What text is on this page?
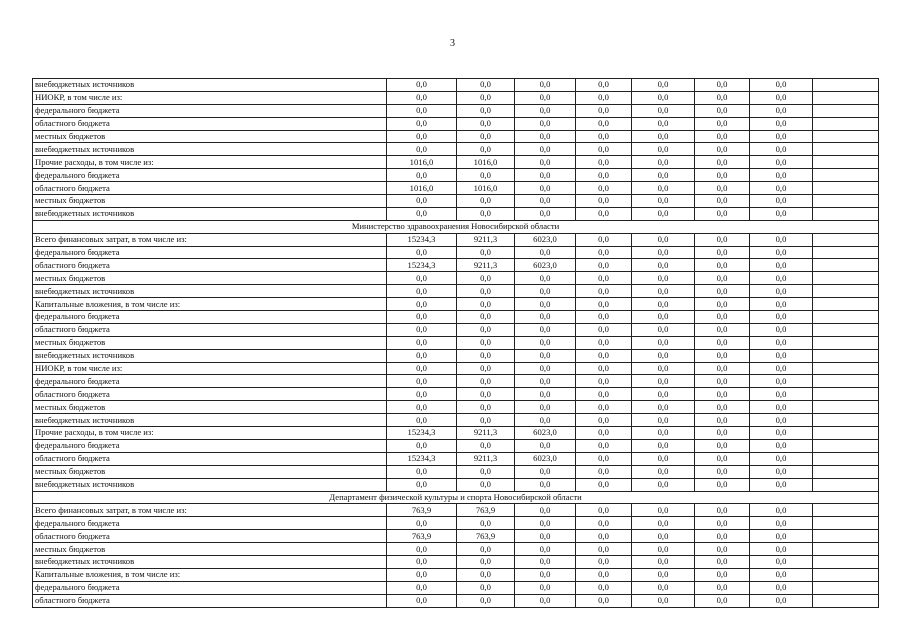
3
внебюджетных источников	0,0	0,0	0,0	0,0	0,0	0,0	0,0	
НИОКР, в том числе из:	0,0	0,0	0,0	0,0	0,0	0,0	0,0	
федерального бюджета	0,0	0,0	0,0	0,0	0,0	0,0	0,0	
областного бюджета	0,0	0,0	0,0	0,0	0,0	0,0	0,0	
местных бюджетов	0,0	0,0	0,0	0,0	0,0	0,0	0,0	
внебюджетных источников	0,0	0,0	0,0	0,0	0,0	0,0	0,0	
Прочие расходы, в том числе из:	1016,0	1016,0	0,0	0,0	0,0	0,0	0,0	
федерального бюджета	0,0	0,0	0,0	0,0	0,0	0,0	0,0	
областного бюджета	1016,0	1016,0	0,0	0,0	0,0	0,0	0,0	
местных бюджетов	0,0	0,0	0,0	0,0	0,0	0,0	0,0	
внебюджетных источников	0,0	0,0	0,0	0,0	0,0	0,0	0,0	
Министерство здравоохранения Новосибирской области								
Всего финансовых затрат, в том числе из:	15234,3	9211,3	6023,0	0,0	0,0	0,0	0,0	
федерального бюджета	0,0	0,0	0,0	0,0	0,0	0,0	0,0	
областного бюджета	15234,3	9211,3	6023,0	0,0	0,0	0,0	0,0	
местных бюджетов	0,0	0,0	0,0	0,0	0,0	0,0	0,0	
внебюджетных источников	0,0	0,0	0,0	0,0	0,0	0,0	0,0	
Капитальные вложения, в том числе из:	0,0	0,0	0,0	0,0	0,0	0,0	0,0	
федерального бюджета	0,0	0,0	0,0	0,0	0,0	0,0	0,0	
областного бюджета	0,0	0,0	0,0	0,0	0,0	0,0	0,0	
местных бюджетов	0,0	0,0	0,0	0,0	0,0	0,0	0,0	
внебюджетных источников	0,0	0,0	0,0	0,0	0,0	0,0	0,0	
НИОКР, в том числе из:	0,0	0,0	0,0	0,0	0,0	0,0	0,0	
федерального бюджета	0,0	0,0	0,0	0,0	0,0	0,0	0,0	
областного бюджета	0,0	0,0	0,0	0,0	0,0	0,0	0,0	
местных бюджетов	0,0	0,0	0,0	0,0	0,0	0,0	0,0	
внебюджетных источников	0,0	0,0	0,0	0,0	0,0	0,0	0,0	
Прочие расходы, в том числе из:	15234,3	9211,3	6023,0	0,0	0,0	0,0	0,0	
федерального бюджета	0,0	0,0	0,0	0,0	0,0	0,0	0,0	
областного бюджета	15234,3	9211,3	6023,0	0,0	0,0	0,0	0,0	
местных бюджетов	0,0	0,0	0,0	0,0	0,0	0,0	0,0	
внебюджетных источников	0,0	0,0	0,0	0,0	0,0	0,0	0,0	
Департамент физической культуры и спорта Новосибирской области								
Всего финансовых затрат, в том числе из:	763,9	763,9	0,0	0,0	0,0	0,0	0,0	
федерального бюджета	0,0	0,0	0,0	0,0	0,0	0,0	0,0	
областного бюджета	763,9	763,9	0,0	0,0	0,0	0,0	0,0	
местных бюджетов	0,0	0,0	0,0	0,0	0,0	0,0	0,0	
внебюджетных источников	0,0	0,0	0,0	0,0	0,0	0,0	0,0	
Капитальные вложения, в том числе из:	0,0	0,0	0,0	0,0	0,0	0,0	0,0	
федерального бюджета	0,0	0,0	0,0	0,0	0,0	0,0	0,0	
областного бюджета	0,0	0,0	0,0	0,0	0,0	0,0	0,0	
